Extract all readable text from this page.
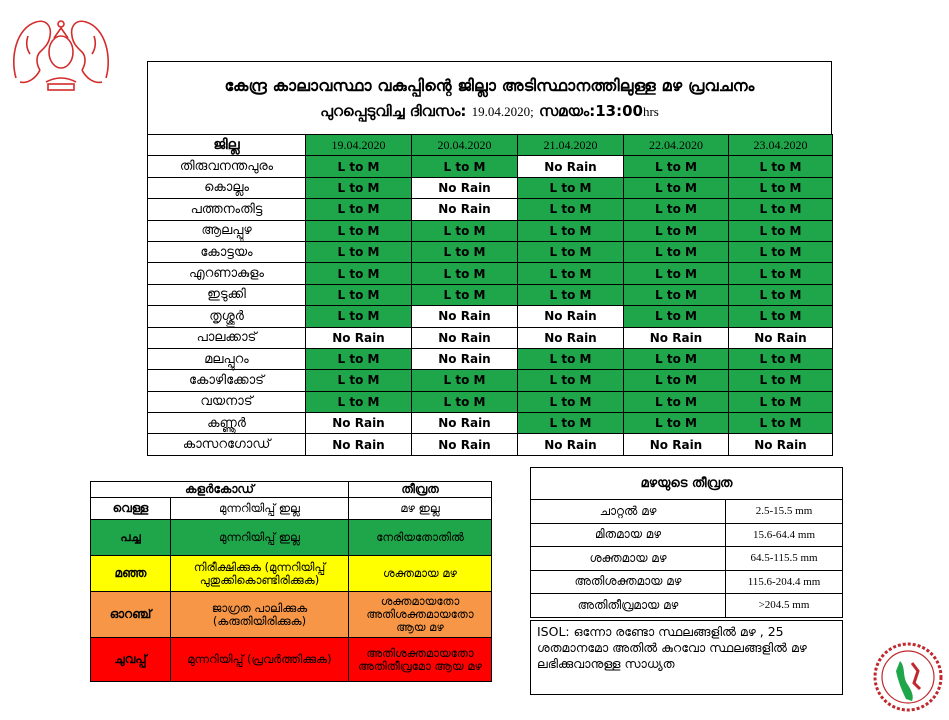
കേന്ദ്ര കാലാവസ്ഥാ വകുപ്പിന്റെ ജില്ലാ അടിസ്ഥാനത്തിലുള്ള മഴ പ്രവചനം
പുറപ്പെടുവിച്ച ദിവസം: 19.04.2020; സമയം:13:00hrs
ജില്ല	19.04.2020	20.04.2020	21.04.2020	22.04.2020	23.04.2020
തിരുവനന്തപുരം	L to M	L to M	No Rain	L to M	L to M
കൊല്ലം	L to M	No Rain	L to M	L to M	L to M
പത്തനംതിട്ട	L to M	No Rain	L to M	L to M	L to M
ആലപ്പുഴ	L to M	L to M	L to M	L to M	L to M
കോട്ടയം	L to M	L to M	L to M	L to M	L to M
എറണാകുളം	L to M	L to M	L to M	L to M	L to M
ഇടുക്കി	L to M	L to M	L to M	L to M	L to M
തൃശ്ശൂർ	L to M	No Rain	No Rain	L to M	L to M
പാലക്കാട്	No Rain	No Rain	No Rain	No Rain	No Rain
മലപ്പുറം	L to M	No Rain	L to M	L to M	L to M
കോഴിക്കോട്	L to M	L to M	L to M	L to M	L to M
വയനാട്	L to M	L to M	L to M	L to M	L to M
കണ്ണൂർ	No Rain	No Rain	L to M	L to M	L to M
കാസറഗോഡ്	No Rain	No Rain	No Rain	No Rain	No Rain
കളർകോഡ്		തീവ്രത
വെള്ള	മുന്നറിയിപ്പ് ഇല്ല	മഴ ഇല്ല
പച്ച	മുന്നറിയിപ്പ് ഇല്ല	നേരിയതോതിൽ
മഞ്ഞ	നിരീക്ഷിക്കുക (മുന്നറിയിപ്പ് പുതുക്കികൊണ്ടിരിക്കുക)	ശക്തമായ മഴ
ഓറഞ്ച്	ജാഗ്രത പാലിക്കുക (കരുതിയിരിക്കുക)	ശക്തമായതോ അതിശക്തമായതോ ആയ മഴ
ചുവപ്പ്	മുന്നറിയിപ്പ് (പ്രവർത്തിക്കുക)	അതിശക്തമായതോ അതിതീവ്രമോ ആയ മഴ
മഴയുടെ തീവ്രത	
ചാറ്റൽ മഴ	2.5-15.5 mm
മിതമായ മഴ	15.6-64.4 mm
ശക്തമായ മഴ	64.5-115.5 mm
അതിശക്തമായ മഴ	115.6-204.4 mm
അതിതീവ്രമായ മഴ	>204.5 mm
ISOL: ഒന്നോ രണ്ടോ സ്ഥലങ്ങളിൽ മഴ , 25 ശതമാനമോ അതിൽ കുറവോ സ്ഥലങ്ങളിൽ മഴ ലഭിക്കുവാനുള്ള സാധ്യത
